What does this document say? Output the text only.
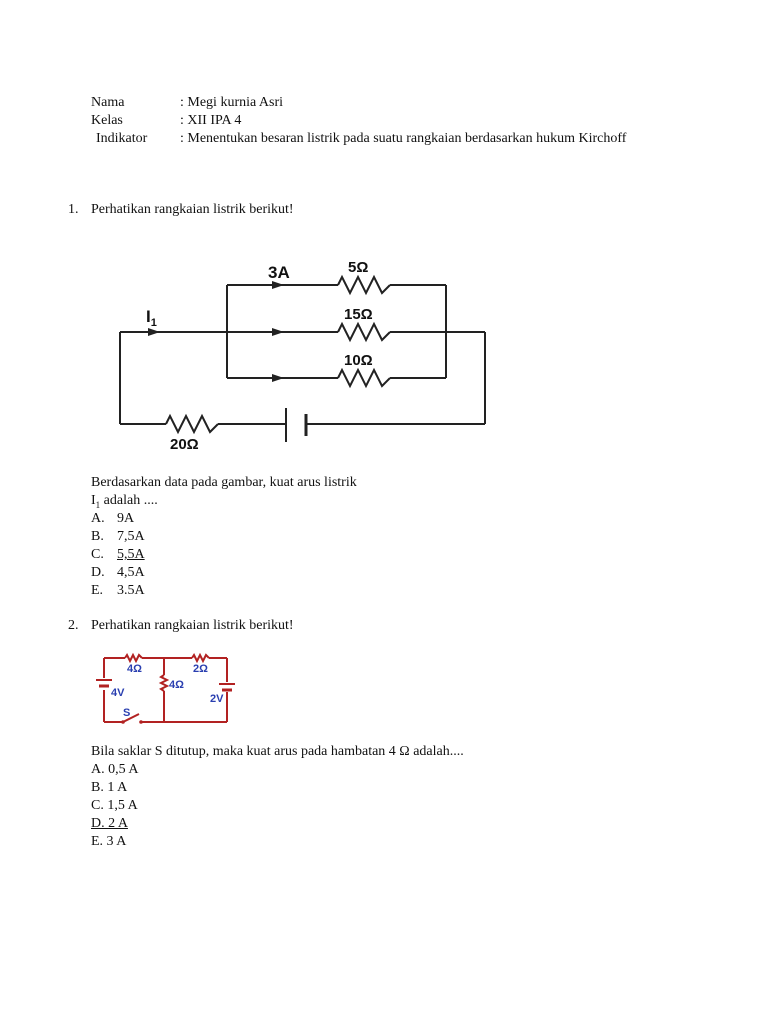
Nama	: Megi kurnia Asri
Kelas	: XII IPA 4
Indikator : Menentukan besaran listrik pada suatu rangkaian berdasarkan hukum Kirchoff
1. Perhatikan rangkaian listrik berikut!
3A	5Ω
15Ω
10Ω
20Ω
$I_1$
Berdasarkan data pada gambar, kuat arus listrik
$I_1$ adalah ....
A. 9A
B. 7,5A
C. 5,5A
D. 4,5A
E. 3.5A
2. Perhatikan rangkaian listrik berikut!
4Ω	2Ω
4Ω
4V	2V
S
Bila saklar S ditutup, maka kuat arus pada hambatan 4 Ω adalah....
A. 0,5 A
B. 1 A
C. 1,5 A
D. 2 A
E. 3 A
